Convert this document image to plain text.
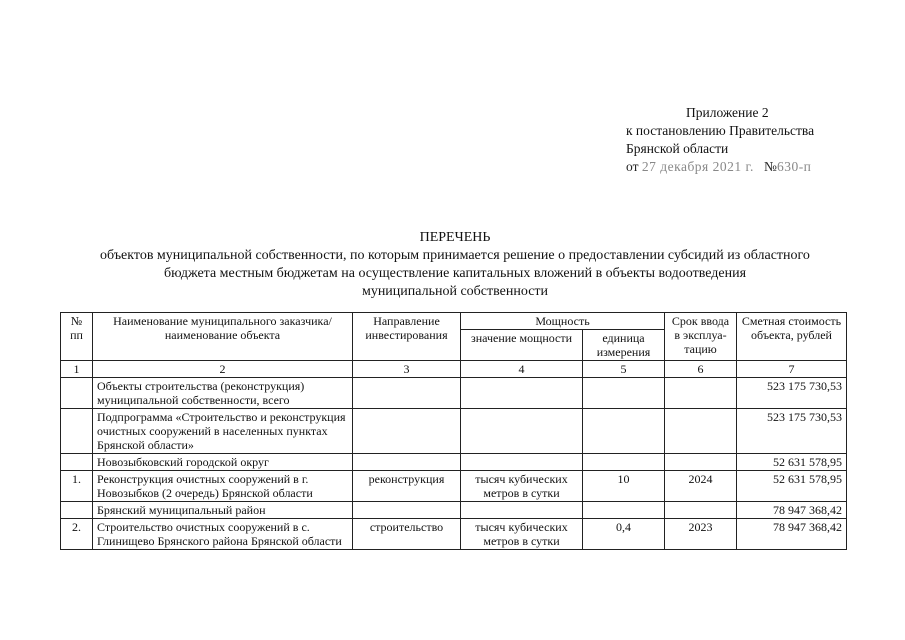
Приложение 2
к постановлению Правительства
Брянской области
от 27 декабря 2021 г. №630-п
ПЕРЕЧЕНЬ
объектов муниципальной собственности, по которым принимается решение о предоставлении субсидий из областного
бюджета местным бюджетам на осуществление капитальных вложений в объекты водоотведения
муниципальной собственности
№ пп	Наименование муниципального заказчика/наименование объекта	Направление инвестирования	Мощность		Срок ввода в эксплуа-тацию	Сметная стоимость объекта, рублей
			значение мощности	единица измерения		
1	2	3	4	5	6	7
	Объекты строительства (реконструкция) муниципальной собственности, всего					523 175 730,53
	Подпрограмма «Строительство и реконструкция очистных сооружений в населенных пунктах Брянской области»					523 175 730,53
	Новозыбковский городской округ					52 631 578,95
1.	Реконструкция очистных сооружений в г. Новозыбков (2 очередь) Брянской области	реконструкция	тысяч кубических метров в сутки	10	2024	52 631 578,95
	Брянский муниципальный район					78 947 368,42
2.	Строительство очистных сооружений в с. Глинищево Брянского района Брянской области	строительство	тысяч кубических метров в сутки	0,4	2023	78 947 368,42
